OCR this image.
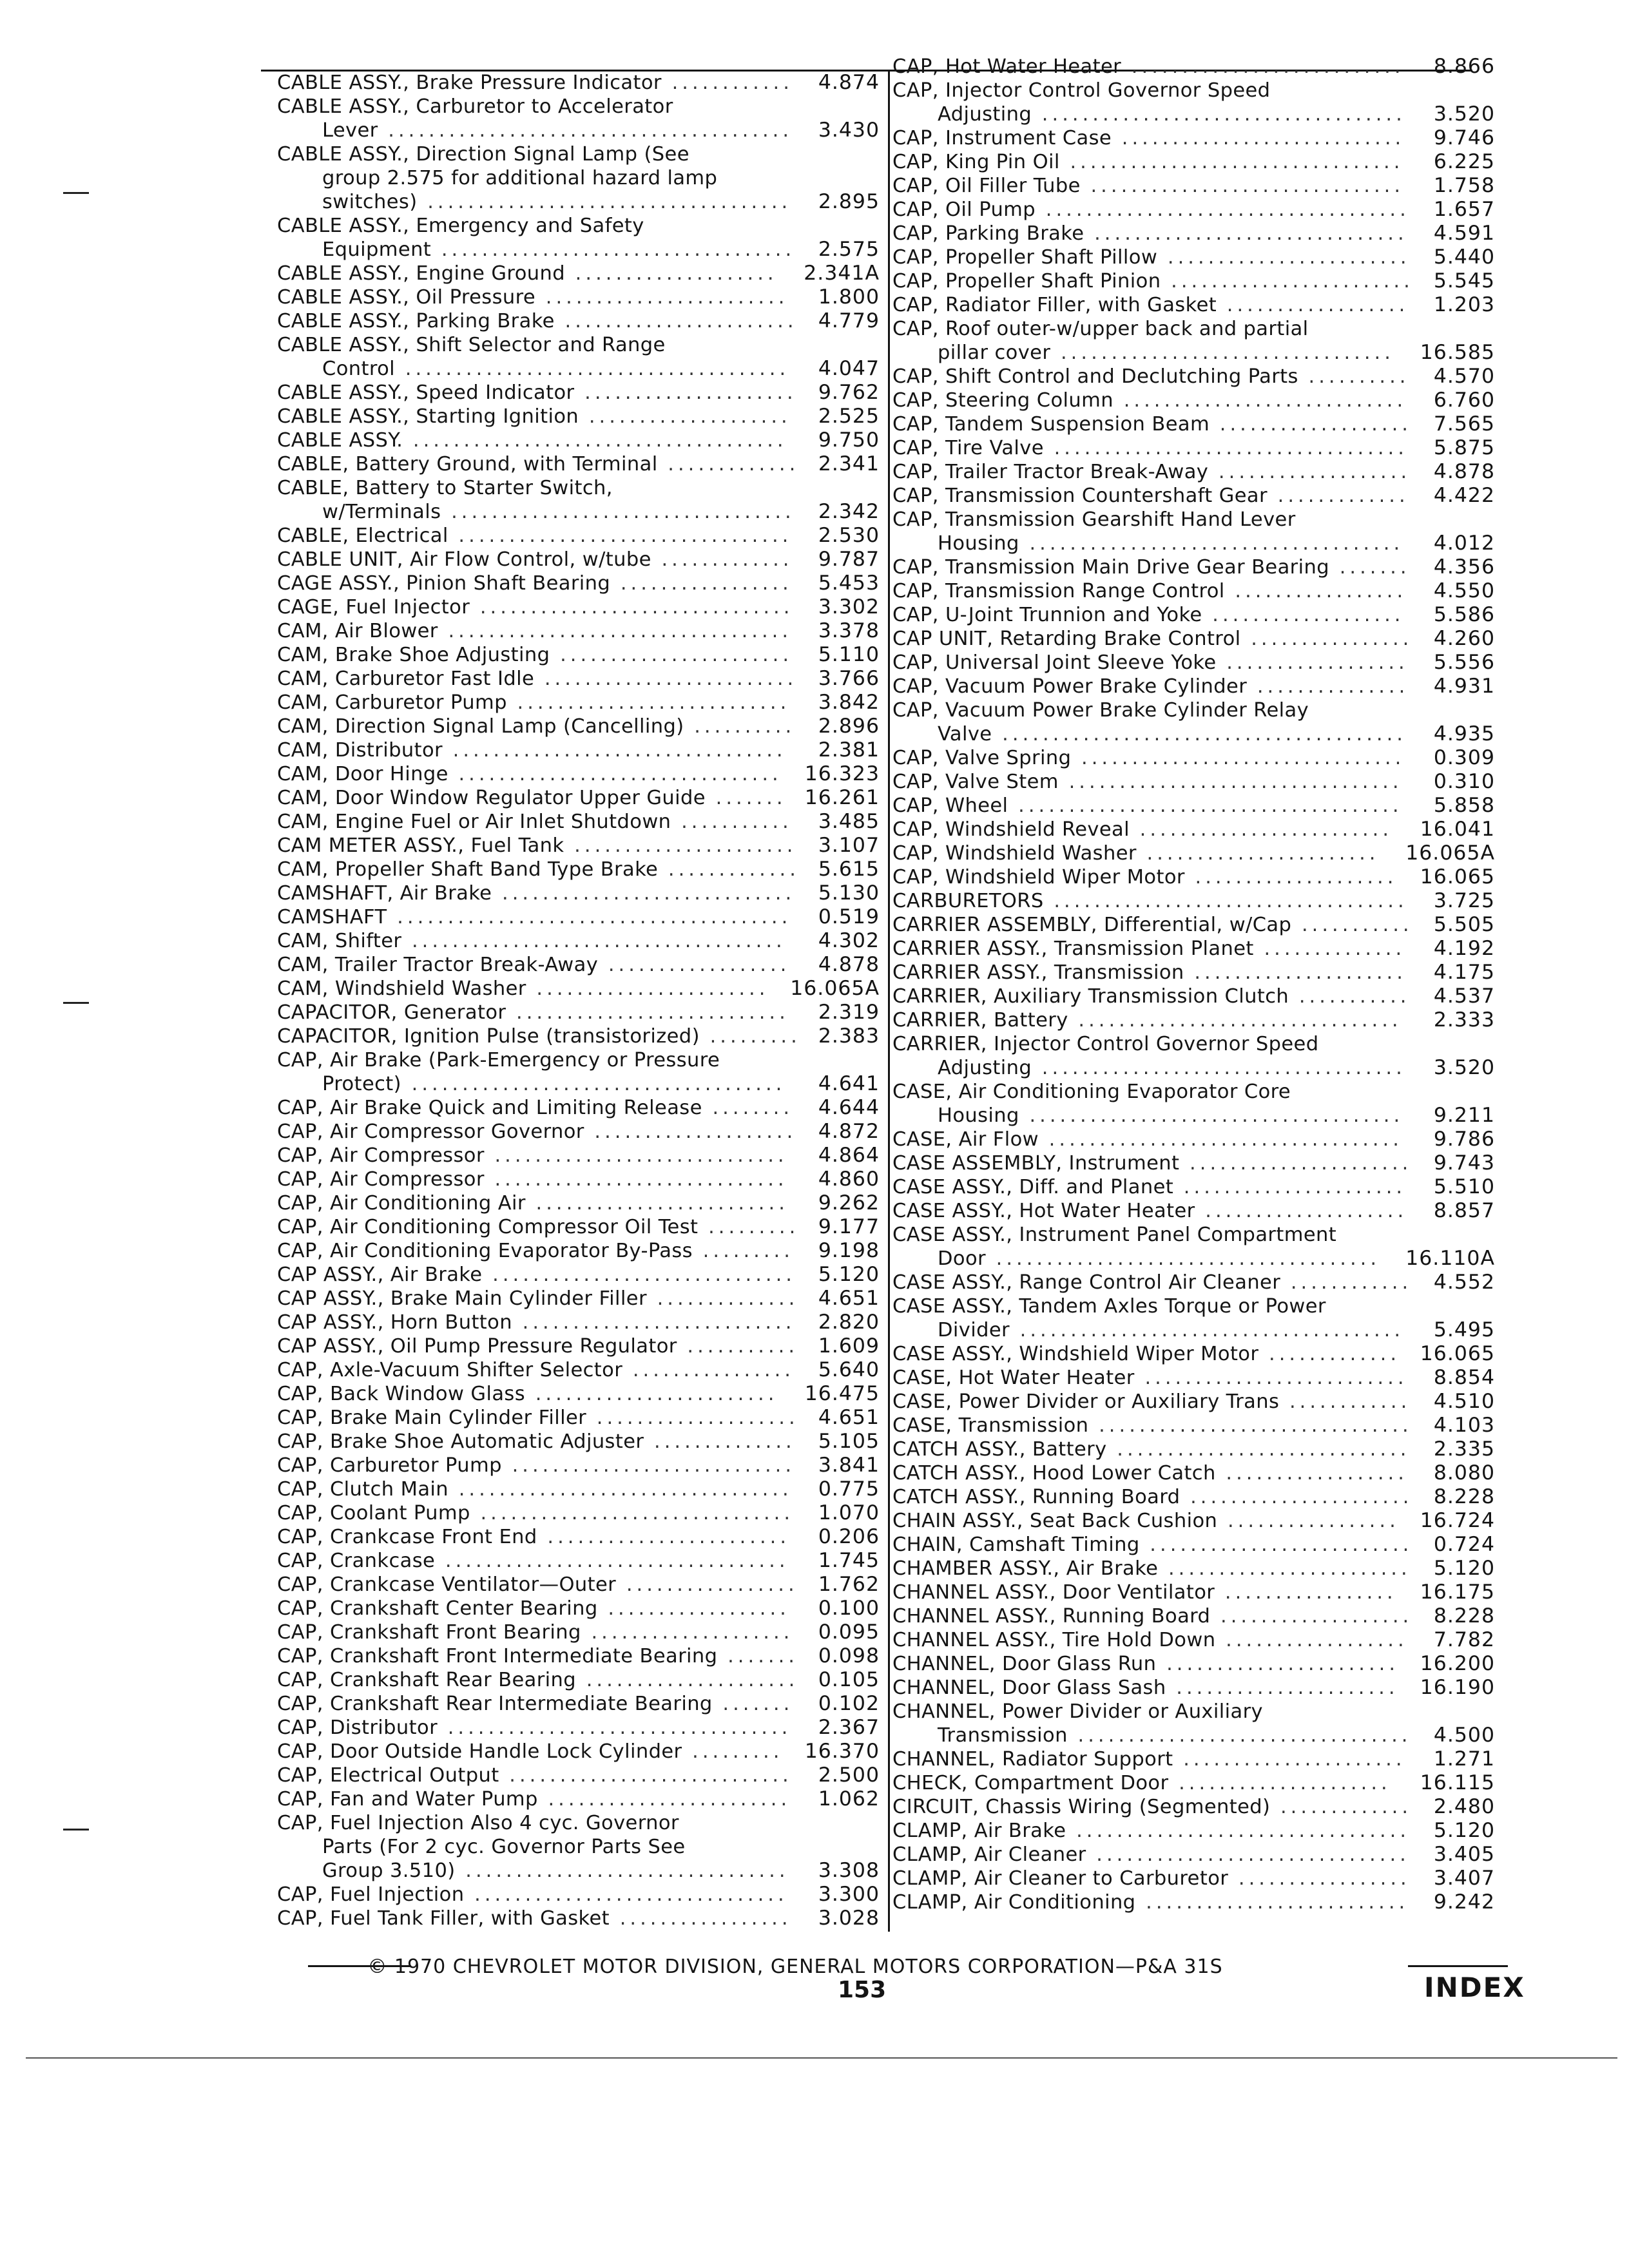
CABLE ASSY., Brake Pressure Indicator ............	4.874
CABLE ASSY., Carburetor to Accelerator
Lever ........................................	3.430
CABLE ASSY., Direction Signal Lamp (See
group 2.575 for additional hazard lamp
switches) ....................................	2.895
CABLE ASSY., Emergency and Safety
Equipment ...................................	2.575
CABLE ASSY., Engine Ground ....................	2.341A
CABLE ASSY., Oil Pressure ........................	1.800
CABLE ASSY., Parking Brake .......................	4.779
CABLE ASSY., Shift Selector and Range
Control ......................................	4.047
CABLE ASSY., Speed Indicator .....................	9.762
CABLE ASSY., Starting Ignition ....................	2.525
CABLE ASSY. .....................................	9.750
CABLE, Battery Ground, with Terminal ............. 2.341
CABLE, Battery to Starter Switch,
w/Terminals ..................................	2.342
CABLE, Electrical .................................	2.530
CABLE UNIT, Air Flow Control, w/tube .............	9.787
CAGE ASSY., Pinion Shaft Bearing .................	5.453
CAGE, Fuel Injector ...............................	3.302
CAM, Air Blower ..................................	3.378
CAM, Brake Shoe Adjusting .......................	5.110
CAM, Carburetor Fast Idle .........................	3.766
CAM, Carburetor Pump ...........................	3.842
CAM, Direction Signal Lamp (Cancelling) ..........	2.896
CAM, Distributor .................................	2.381
CAM, Door Hinge ................................	16.323
CAM, Door Window Regulator Upper Guide ....... 16.261
CAM, Engine Fuel or Air Inlet Shutdown ...........	3.485
CAM METER ASSY., Fuel Tank ......................	3.107
CAM, Propeller Shaft Band Type Brake ............. 5.615
CAMSHAFT, Air Brake .............................	5.130
CAMSHAFT .......................................	0.519
CAM, Shifter .....................................	4.302
CAM, Trailer Tractor Break-Away ..................	4.878
CAM, Windshield Washer .......................	16.065A
CAPACITOR, Generator ...........................	2.319
CAPACITOR, Ignition Pulse (transistorized) ......... 2.383
CAP, Air Brake (Park-Emergency or Pressure
Protect) .....................................	4.641
CAP, Air Brake Quick and Limiting Release ........	4.644
CAP, Air Compressor Governor ....................	4.872
CAP, Air Compressor .............................	4.864
CAP, Air Compressor .............................	4.860
CAP, Air Conditioning Air .........................	9.262
CAP, Air Conditioning Compressor Oil Test ......... 9.177
CAP, Air Conditioning Evaporator By-Pass .........	9.198
CAP ASSY., Air Brake ..............................	5.120
CAP ASSY., Brake Main Cylinder Filler .............. 4.651
CAP ASSY., Horn Button ...........................	2.820
CAP ASSY., Oil Pump Pressure Regulator ........... 1.609
CAP, Axle-Vacuum Shifter Selector ................	5.640
CAP, Back Window Glass ........................	16.475
CAP, Brake Main Cylinder Filler .................... 4.651
CAP, Brake Shoe Automatic Adjuster ..............	5.105
CAP, Carburetor Pump ............................	3.841
CAP, Clutch Main .................................	0.775
CAP, Coolant Pump ...............................	1.070
CAP, Crankcase Front End ........................	0.206
CAP, Crankcase ..................................	1.745
CAP, Crankcase Ventilator—Outer ................. 1.762
CAP, Crankshaft Center Bearing ..................	0.100
CAP, Crankshaft Front Bearing ....................	0.095
CAP, Crankshaft Front Intermediate Bearing ....... 0.098
CAP, Crankshaft Rear Bearing ..................... 0.105
CAP, Crankshaft Rear Intermediate Bearing .......	0.102
CAP, Distributor ..................................	2.367
CAP, Door Outside Handle Lock Cylinder .........	16.370
CAP, Electrical Output ............................	2.500
CAP, Fan and Water Pump ........................	1.062
CAP, Fuel Injection Also 4 cyc. Governor
Parts (For 2 cyc. Governor Parts See
Group 3.510) ................................	3.308
CAP, Fuel Injection ...............................	3.300
CAP, Fuel Tank Filler, with Gasket .................	3.028
CAP, Hot Water Heater ...........................	8.866
CAP, Injector Control Governor Speed
Adjusting ....................................	3.520
CAP, Instrument Case ............................	9.746
CAP, King Pin Oil .................................	6.225
CAP, Oil Filler Tube ...............................	1.758
CAP, Oil Pump ....................................	1.657
CAP, Parking Brake ...............................	4.591
CAP, Propeller Shaft Pillow ........................	5.440
CAP, Propeller Shaft Pinion ........................ 5.545
CAP, Radiator Filler, with Gasket ..................	1.203
CAP, Roof outer-w/upper back and partial
pillar cover .................................	16.585
CAP, Shift Control and Declutching Parts ..........	4.570
CAP, Steering Column ............................	6.760
CAP, Tandem Suspension Beam ...................	7.565
CAP, Tire Valve ...................................	5.875
CAP, Trailer Tractor Break-Away ...................	4.878
CAP, Transmission Countershaft Gear .............	4.422
CAP, Transmission Gearshift Hand Lever
Housing .....................................	4.012
CAP, Transmission Main Drive Gear Bearing .......	4.356
CAP, Transmission Range Control .................	4.550
CAP, U-Joint Trunnion and Yoke ...................	5.586
CAP UNIT, Retarding Brake Control ................	4.260
CAP, Universal Joint Sleeve Yoke ..................	5.556
CAP, Vacuum Power Brake Cylinder ...............	4.931
CAP, Vacuum Power Brake Cylinder Relay
Valve ........................................	4.935
CAP, Valve Spring ................................	0.309
CAP, Valve Stem .................................	0.310
CAP, Wheel ......................................	5.858
CAP, Windshield Reveal .........................	16.041
CAP, Windshield Washer .......................	16.065A
CAP, Windshield Wiper Motor ....................	16.065
CARBURETORS ...................................	3.725
CARRIER ASSEMBLY, Differential, w/Cap ...........	5.505
CARRIER ASSY., Transmission Planet ..............	4.192
CARRIER ASSY., Transmission .....................	4.175
CARRIER, Auxiliary Transmission Clutch ...........	4.537
CARRIER, Battery ................................	2.333
CARRIER, Injector Control Governor Speed
Adjusting ....................................	3.520
CASE, Air Conditioning Evaporator Core
Housing .....................................	9.211
CASE, Air Flow ...................................	9.786
CASE ASSEMBLY, Instrument ......................	9.743
CASE ASSY., Diff. and Planet ......................	5.510
CASE ASSY., Hot Water Heater ....................	8.857
CASE ASSY., Instrument Panel Compartment
Door ......................................	16.110A
CASE ASSY., Range Control Air Cleaner ............	4.552
CASE ASSY., Tandem Axles Torque or Power
Divider ......................................	5.495
CASE ASSY., Windshield Wiper Motor ............. 16.065
CASE, Hot Water Heater ..........................	8.854
CASE, Power Divider or Auxiliary Trans ............	4.510
CASE, Transmission ...............................	4.103
CATCH ASSY., Battery .............................	2.335
CATCH ASSY., Hood Lower Catch ..................	8.080
CATCH ASSY., Running Board ......................	8.228
CHAIN ASSY., Seat Back Cushion .................	16.724
CHAIN, Camshaft Timing ..........................	0.724
CHAMBER ASSY., Air Brake ........................	5.120
CHANNEL ASSY., Door Ventilator .................	16.175
CHANNEL ASSY., Running Board ...................	8.228
CHANNEL ASSY., Tire Hold Down ..................	7.782
CHANNEL, Door Glass Run .......................	16.200
CHANNEL, Door Glass Sash ......................	16.190
CHANNEL, Power Divider or Auxiliary
Transmission .................................	4.500
CHANNEL, Radiator Support ......................	1.271
CHECK, Compartment Door .....................	16.115
CIRCUIT, Chassis Wiring (Segmented) .............	2.480
CLAMP, Air Brake .................................	5.120
CLAMP, Air Cleaner ...............................	3.405
CLAMP, Air Cleaner to Carburetor .................	3.407
CLAMP, Air Conditioning ..........................	9.242
© 1970 CHEVROLET MOTOR DIVISION, GENERAL MOTORS CORPORATION—P&A 31S
153	INDEX
